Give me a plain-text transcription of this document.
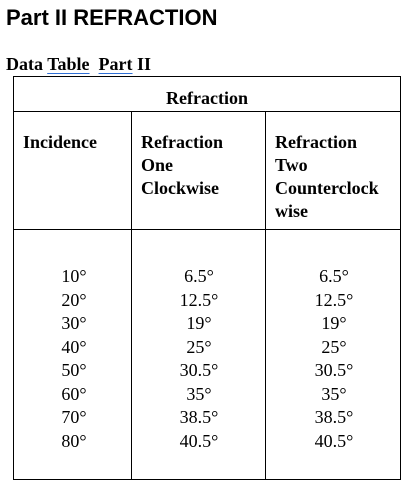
Part II REFRACTION
Data Table Part II
Refraction
Incidence Refraction
One
Clockwise
Refraction
Two
Counterclock
wise
10°
20°
30°
40°
50°
60°
70°
80°
6.5°
12.5°
19°
25°
30.5°
35°
38.5°
40.5°
6.5°
12.5°
19°
25°
30.5°
35°
38.5°
40.5°
